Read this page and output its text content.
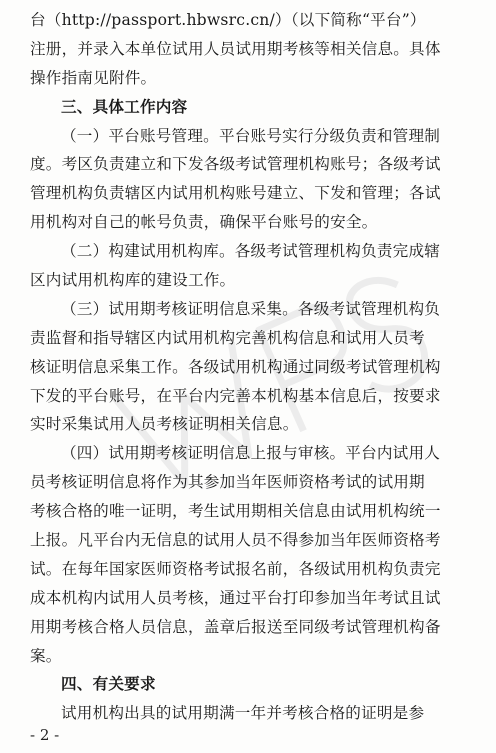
台（http://passport.hbwsrc.cn/）（以下简称“平台”）
注册，并录入本单位试用人员试用期考核等相关信息。具体
操作指南见附件。
三、具体工作内容
（一）平台账号管理。平台账号实行分级负责和管理制
度。考区负责建立和下发各级考试管理机构账号；各级考试
管理机构负责辖区内试用机构账号建立、下发和管理；各试
用机构对自己的帐号负责，确保平台账号的安全。
（二）构建试用机构库。各级考试管理机构负责完成辖
区内试用机构库的建设工作。
（三）试用期考核证明信息采集。各级考试管理机构负
责监督和指导辖区内试用机构完善机构信息和试用人员考
核证明信息采集工作。各级试用机构通过同级考试管理机构
下发的平台账号，在平台内完善本机构基本信息后，按要求
实时采集试用人员考核证明相关信息。
（四）试用期考核证明信息上报与审核。平台内试用人
员考核证明信息将作为其参加当年医师资格考试的试用期
考核合格的唯一证明，考生试用期相关信息由试用机构统一
上报。凡平台内无信息的试用人员不得参加当年医师资格考
试。在每年国家医师资格考试报名前，各级试用机构负责完
成本机构内试用人员考核，通过平台打印参加当年考试且试
用期考核合格人员信息，盖章后报送至同级考试管理机构备
案。
四、有关要求
试用机构出具的试用期满一年并考核合格的证明是参
- 2 -
